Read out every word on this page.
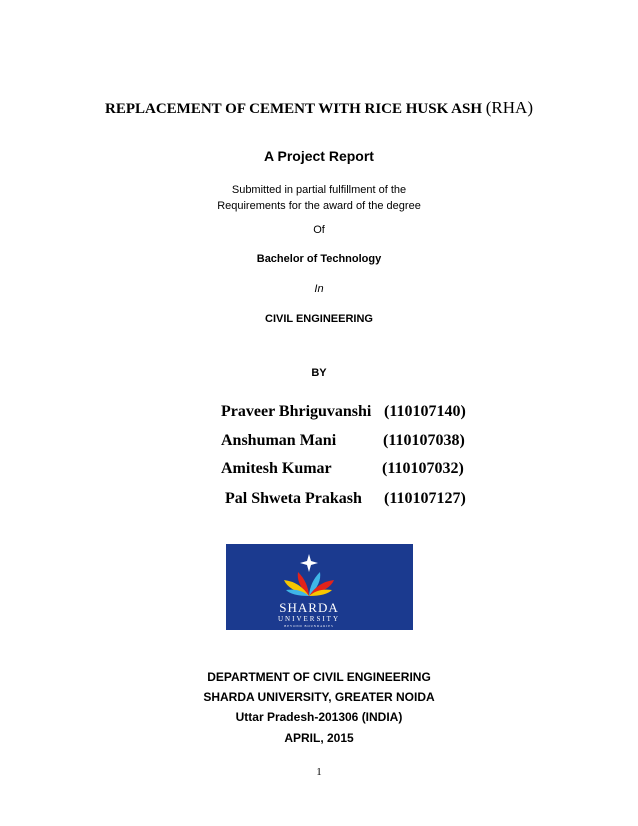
REPLACEMENT OF CEMENT WITH RICE HUSK ASH (RHA)
A Project Report
Submitted in partial fulfillment of the
Requirements for the award of the degree
Of
Bachelor of Technology
In
CIVIL ENGINEERING
BY
Praveer Bhriguvanshi (110107140)
Anshuman Mani	(110107038)
Amitesh Kumar	(110107032)
Pal Shweta Prakash (110107127)
SHARDA
UNIVERSITY
BEYOND BOUNDARIES
DEPARTMENT OF CIVIL ENGINEERING
SHARDA UNIVERSITY, GREATER NOIDA
Uttar Pradesh-201306 (INDIA)
APRIL, 2015
1
